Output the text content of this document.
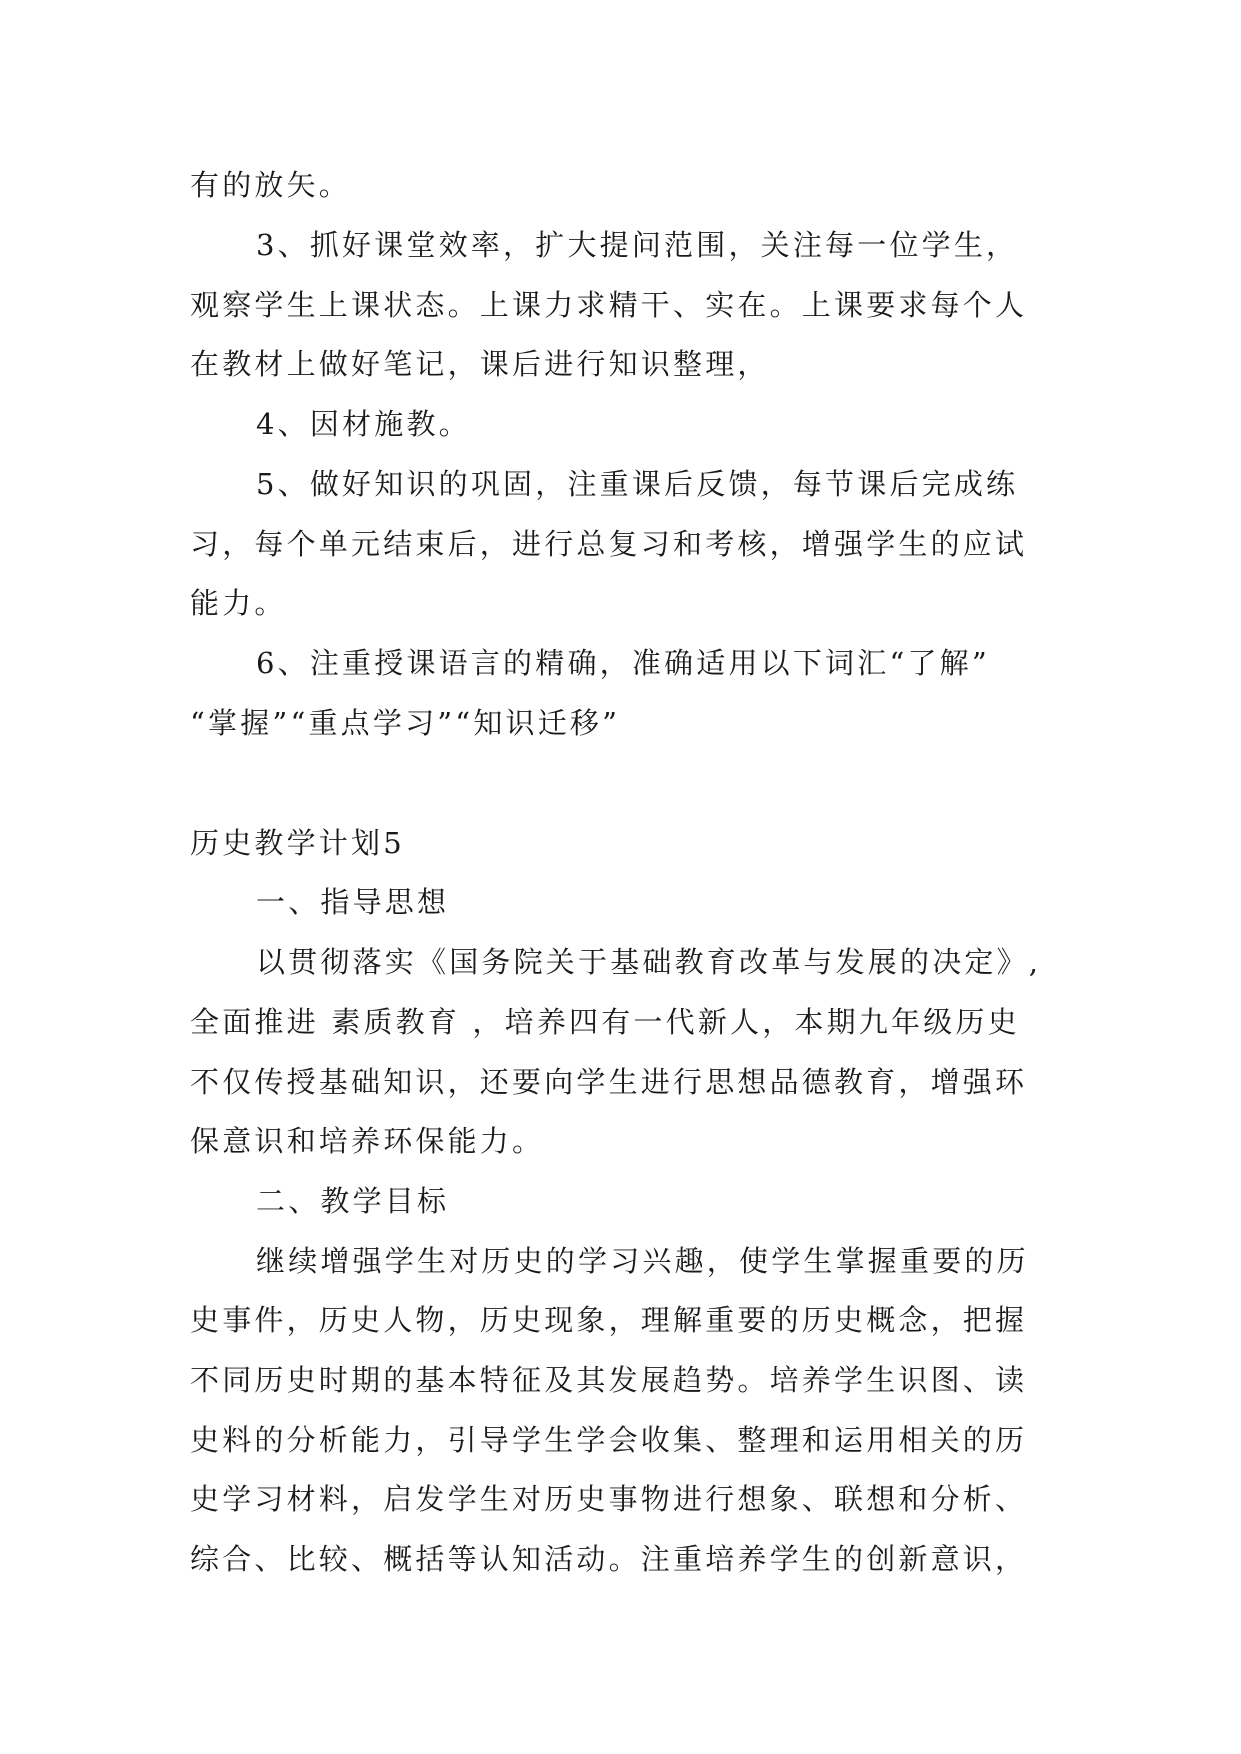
有的放矢。
3、抓好课堂效率，扩大提问范围，关注每一位学生，
观察学生上课状态。上课力求精干、实在。上课要求每个人
在教材上做好笔记，课后进行知识整理，
4、因材施教。
5、做好知识的巩固，注重课后反馈，每节课后完成练
习，每个单元结束后，进行总复习和考核，增强学生的应试
能力。
6、注重授课语言的精确，准确适用以下词汇“了解”
“掌握”“重点学习”“知识迁移”
历史教学计划5
一、指导思想
以贯彻落实《国务院关于基础教育改革与发展的决定》,
全面推进 素质教育 ，培养四有一代新人，本期九年级历史
不仅传授基础知识，还要向学生进行思想品德教育，增强环
保意识和培养环保能力。
二、教学目标
继续增强学生对历史的学习兴趣，使学生掌握重要的历
史事件，历史人物，历史现象，理解重要的历史概念，把握
不同历史时期的基本特征及其发展趋势。培养学生识图、读
史料的分析能力，引导学生学会收集、整理和运用相关的历
史学习材料，启发学生对历史事物进行想象、联想和分析、
综合、比较、概括等认知活动。注重培养学生的创新意识，
